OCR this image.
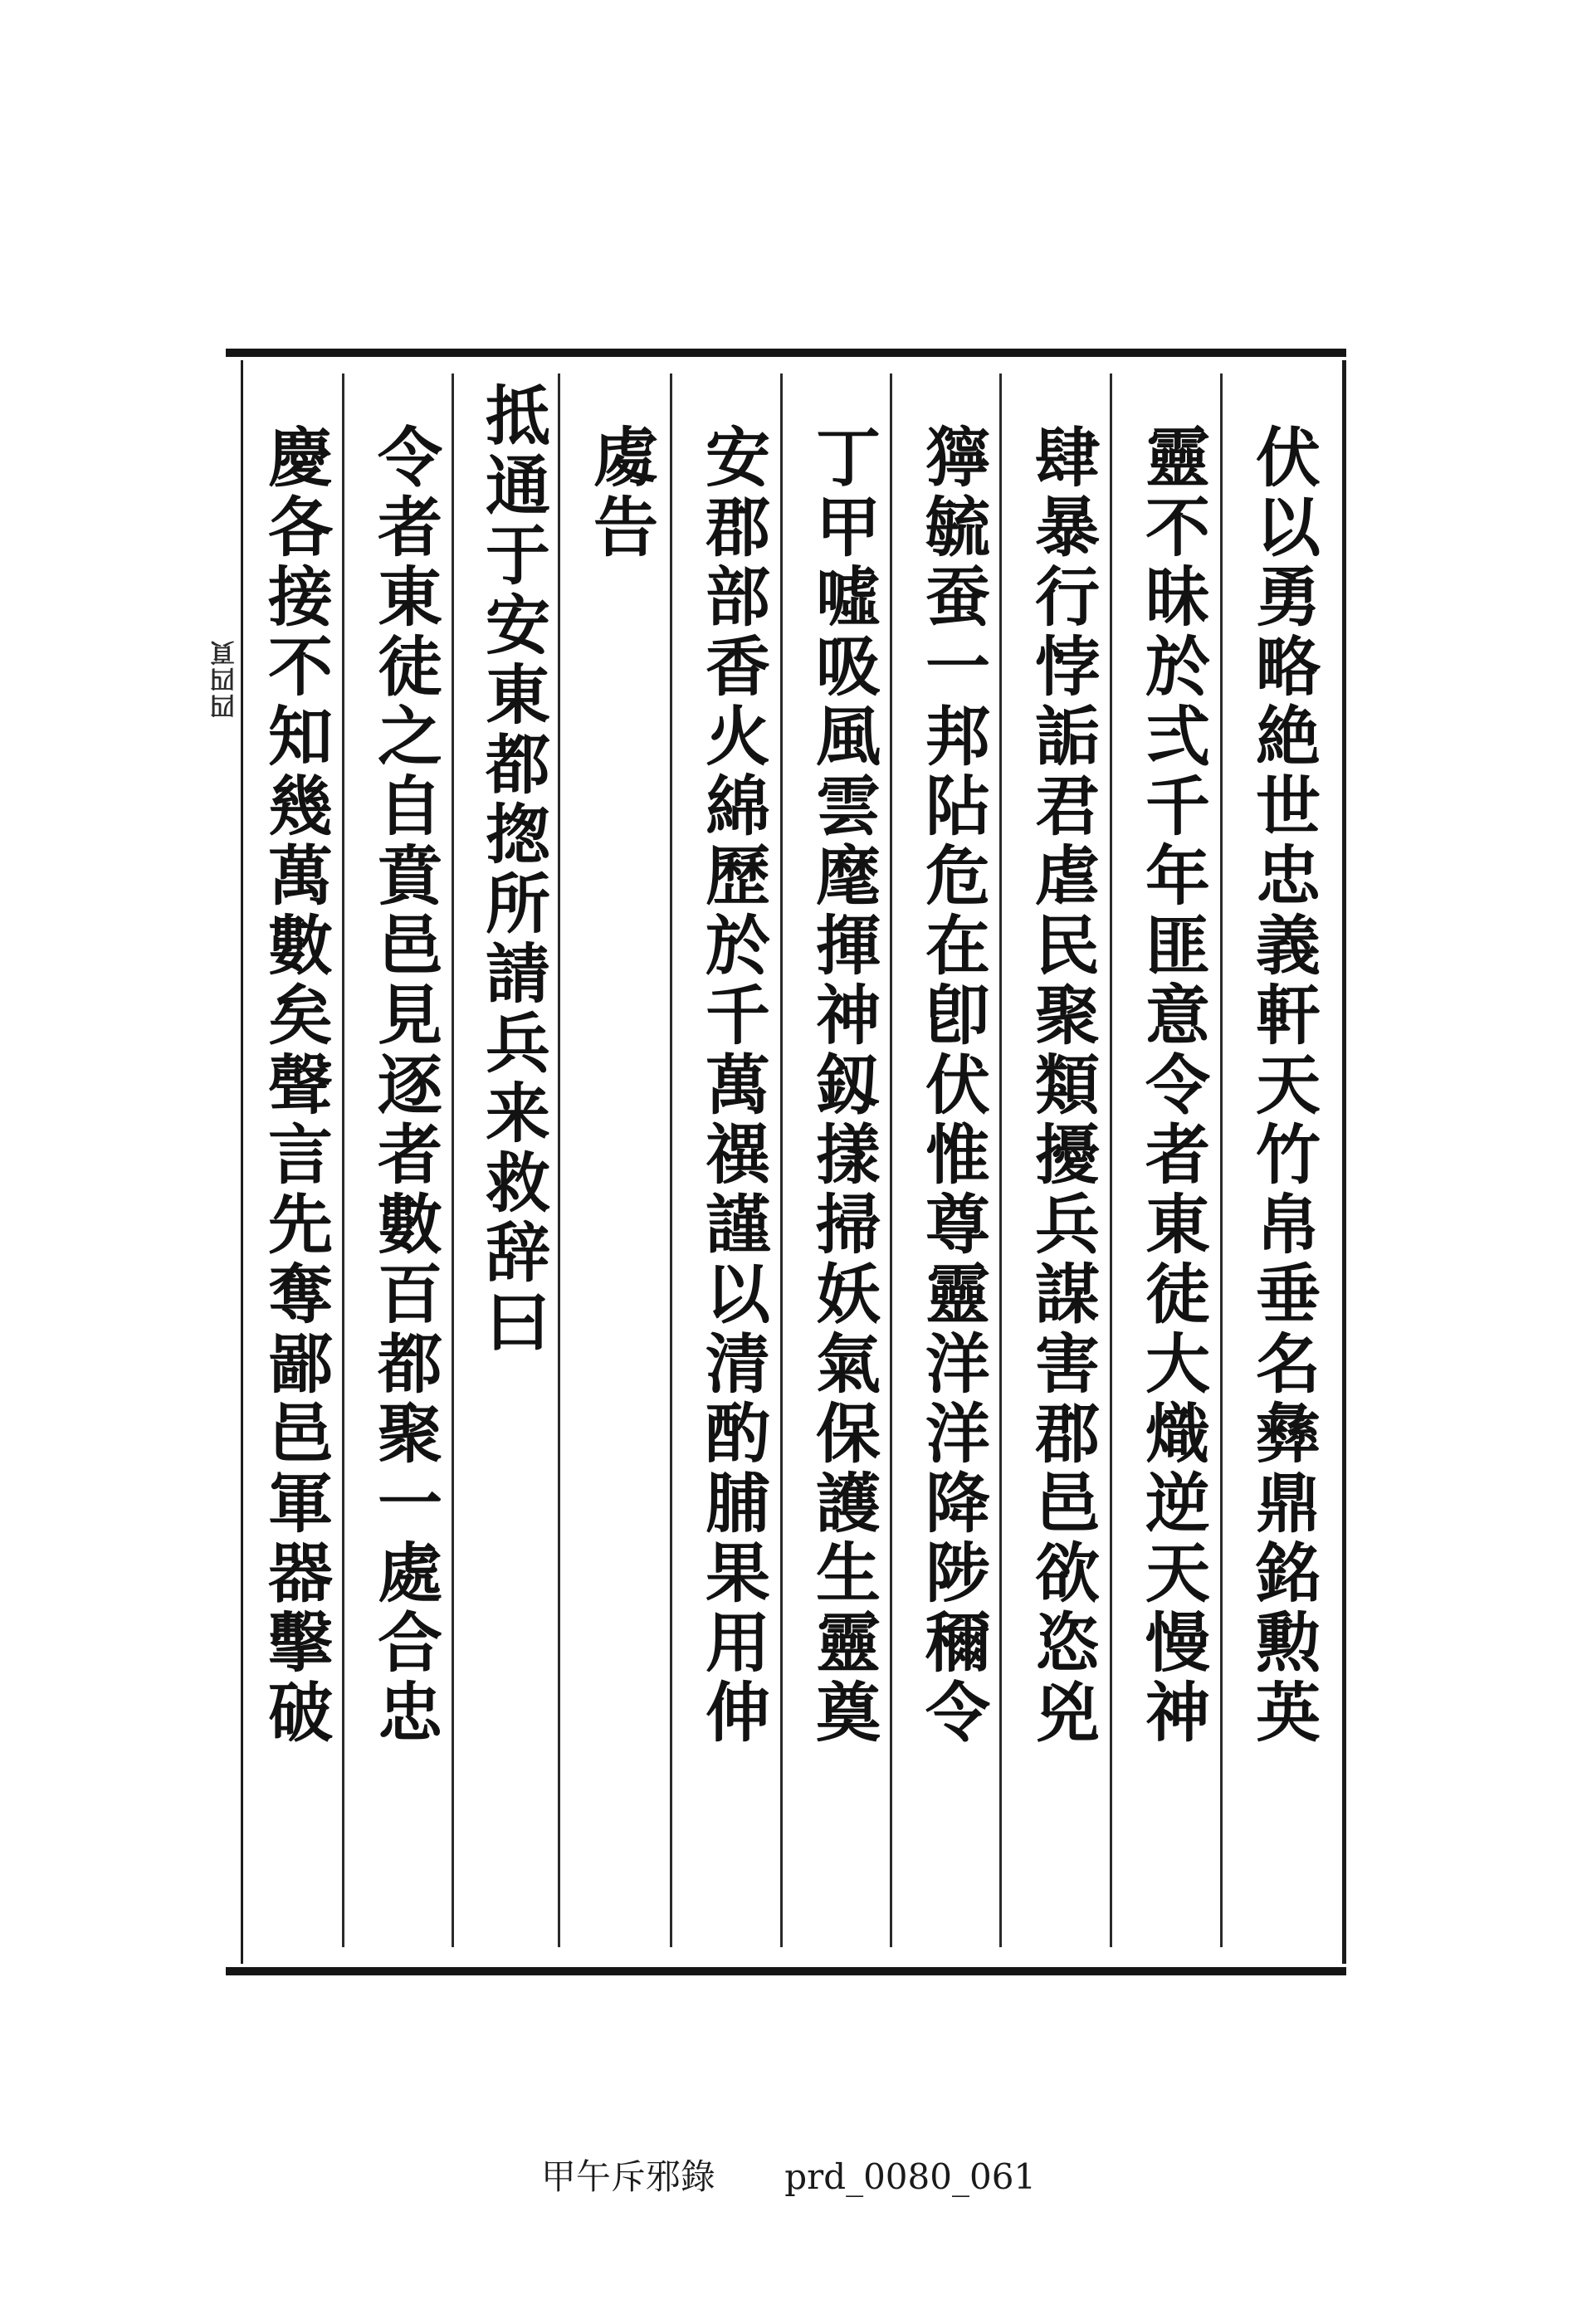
伏以勇略絶世忠義軒天竹帛垂名彝鼎銘勲英
靈不昧於弍千年匪意令者東徒大熾逆天慢神
肆暴行悖詬君虐民聚類擾兵謀害郡邑欲恣兇
獰毓蚕一邦阽危在卽伏惟尊靈洋洋降陟穪令
丁甲噓吸風雲麾揮神釼㨾掃妖氣保護生靈奠
安郡部香火綿歷於千萬禩謹以清酌脯果用伸
䖏告
抵通于安東都揔所請兵来救辞曰
令者東徒之自賁邑見逐者數百都聚一處合忠
慶各接不知幾萬數矣聲言先奪鄙邑軍器擊破
四四頁
甲午斥邪錄 prd_0080_061
